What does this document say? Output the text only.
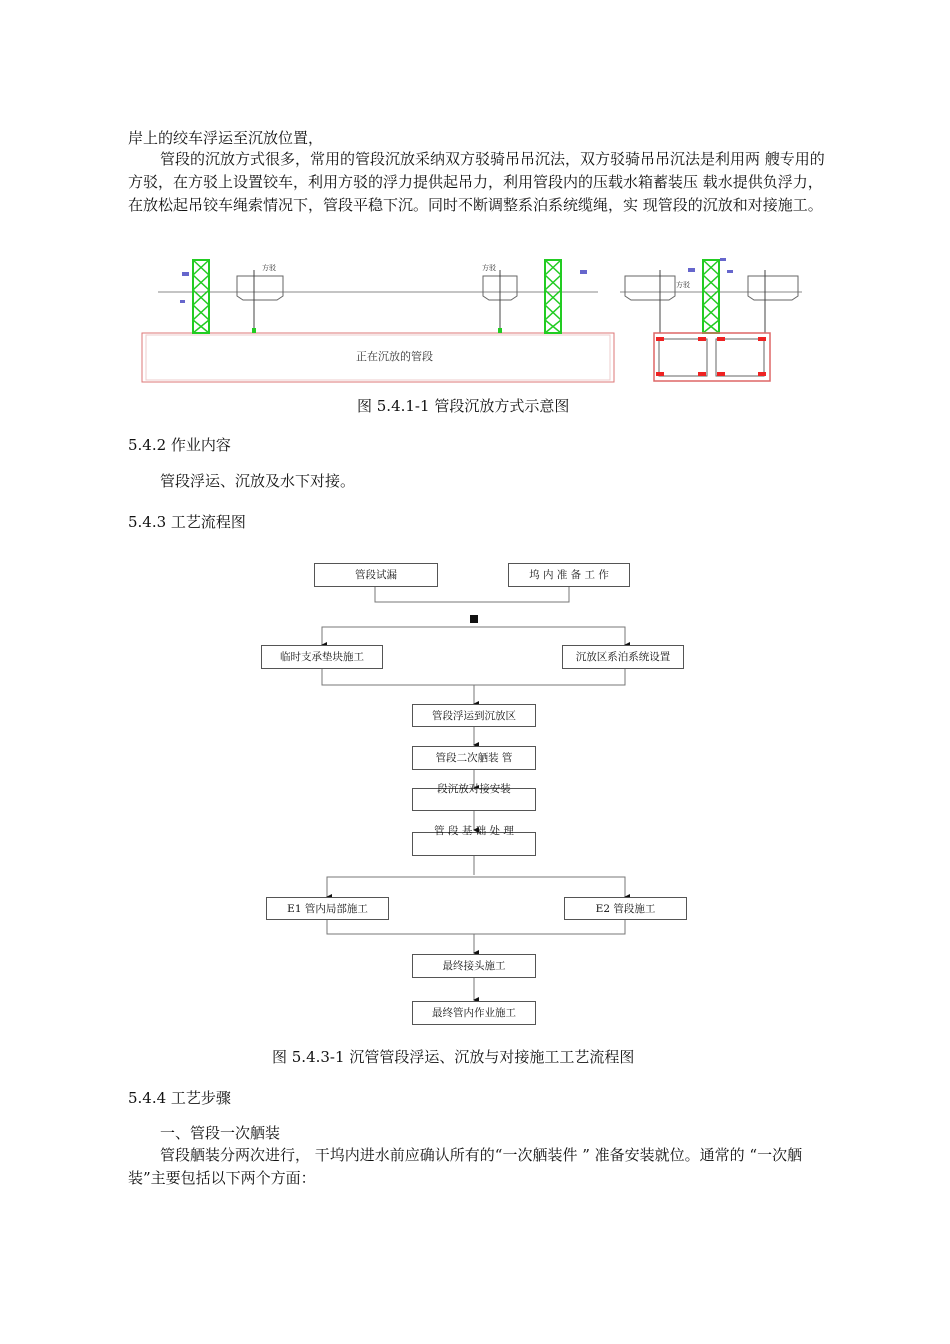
岸上的绞车浮运至沉放位置，
管段的沉放方式很多，常用的管段沉放采纳双方驳骑吊吊沉法，双方驳骑吊吊沉法是利用两 艘专用的方驳，在方驳上设置铰车，利用方驳的浮力提供起吊力，利用管段内的压载水箱蓄装压 载水提供负浮力，在放松起吊铰车绳索情况下，管段平稳下沉。同时不断调整系泊系统缆绳，实 现管段的沉放和对接施工。
方驳	方驳
正在沉放的管段
方驳
图 5.4.1-1 管段沉放方式示意图
5.4.2 作业内容
管段浮运、沉放及水下对接。
5.4.3 工艺流程图
管段试漏	坞 内 准 备 工 作
临时支承垫块施工	沉放区系泊系统设置
管段浮运到沉放区
管段二次舾装 管
段沉放对接安装
管 段 基 础 处 理
E1 管内局部施工	E2 管段施工
最终接头施工
最终管内作业施工
图 5.4.3-1 沉管管段浮运、沉放与对接施工工艺流程图
5.4.4 工艺步骤
一、管段一次舾装
管段舾装分两次进行， 干坞内进水前应确认所有的“一次舾装件 ” 准备安装就位。通常的 “一次舾装”主要包括以下两个方面：
